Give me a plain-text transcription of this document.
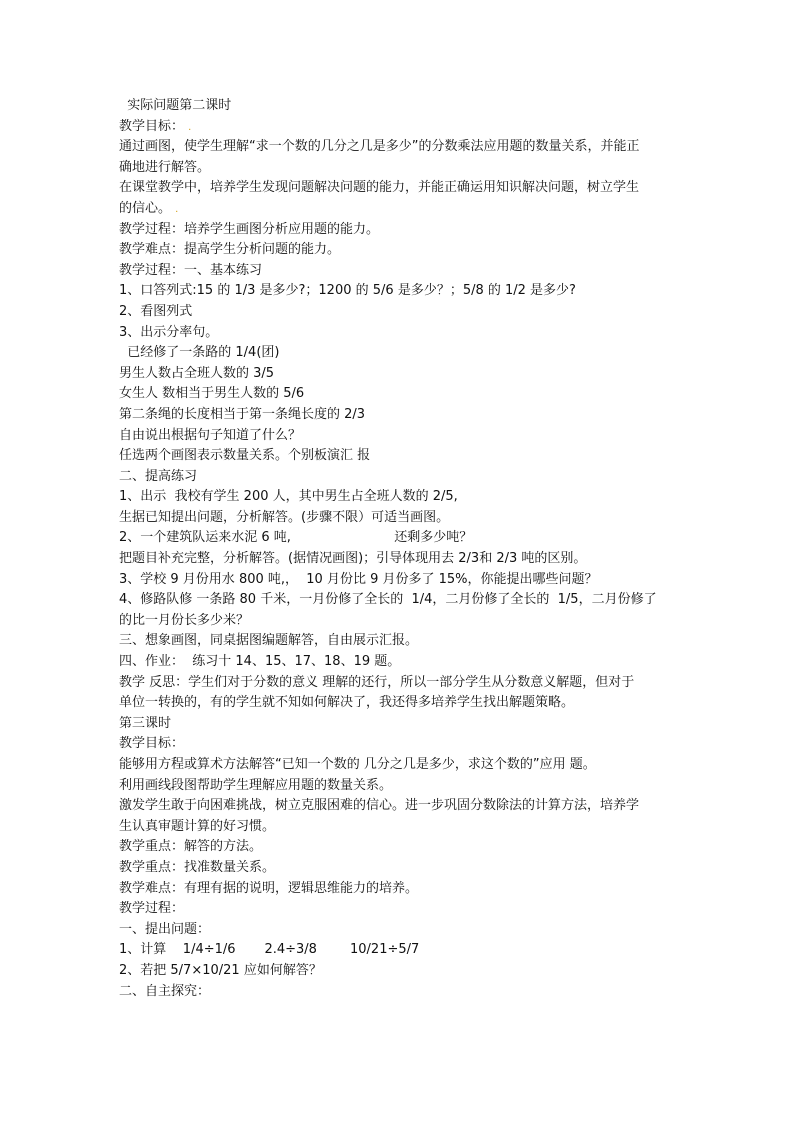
实际问题第二课时
教学目标： .
通过画图，使学生理解“求一个数的几分之几是多少”的分数乘法应用题的数量关系，并能正
确地进行解答。
在课堂教学中，培养学生发现问题解决问题的能力，并能正确运用知识解决问题，树立学生
的信心。 .
教学过程：培养学生画图分析应用题的能力。
教学难点：提高学生分析问题的能力。
教学过程：一、基本练习
1、口答列式:15 的 1/3 是多少?；1200 的 5/6 是多少？；5/8 的 1/2 是多少?
2、看图列式
3、出示分率句。
已经修了一条路的 1/4(团)
男生人数占全班人数的 3/5
女生人 数相当于男生人数的 5/6
第二条绳的长度相当于第一条绳长度的 2/3
自由说出根据句子知道了什么？
任选两个画图表示数量关系。个别板演汇 报
二、提高练习
1、出示  我校有学生 200 人，其中男生占全班人数的 2/5,
生据已知提出问题，分析解答。(步骤不限）可适当画图。
2、一个建筑队运来水泥 6 吨,                         还剩多少吨？
把题目补充完整，分析解答。(据情况画图)；引导体现用去 2/3和 2/3 吨的区别。
3、学校 9 月份用水 800 吨,，  10 月份比 9 月份多了 15%，你能提出哪些问题？
4、修路队修 一条路 80 千米，一月份修了全长的  1/4，二月份修了全长的  1/5，二月份修了
的比一月份长多少米？
三、想象画图，同桌据图编题解答，自由展示汇报。
四、作业：  练习十 14、15、17、18、19 题。
教学 反思：学生们对于分数的意义 理解的还行，所以一部分学生从分数意义解题，但对于
单位一转换的，有的学生就不知如何解决了，我还得多培养学生找出解题策略。
第三课时
教学目标：
能够用方程或算术方法解答“已知一个数的 几分之几是多少，求这个数的”应用 题。
利用画线段图帮助学生理解应用题的数量关系。
激发学生敢于向困难挑战，树立克服困难的信心。进一步巩固分数除法的计算方法，培养学
生认真审题计算的好习惯。
教学重点：解答的方法。
教学重点：找准数量关系。
教学难点：有理有据的说明，逻辑思维能力的培养。
教学过程：
一、提出问题：
1、计算    1/4÷1/6       2.4÷3/8        10/21÷5/7
2、若把 5/7×10/21 应如何解答？
二、自主探究：
